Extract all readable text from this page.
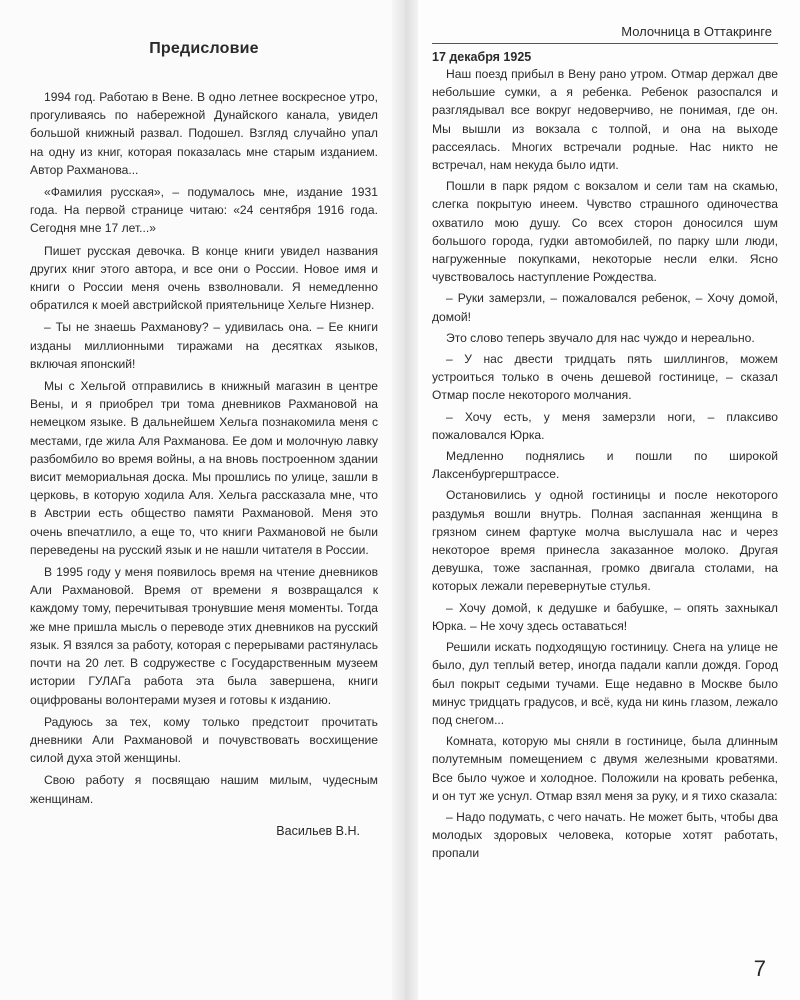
Предисловие

1994 год. Работаю в Вене. В одно летнее воскресное утро, прогуливаясь по набережной Дунайского канала, увидел большой книжный развал. Подошел. Взгляд случайно упал на одну из книг, которая показалась мне старым изданием. Автор Рахманова...

«Фамилия русская», – подумалось мне, издание 1931 года. На первой странице читаю: «24 сентября 1916 года. Сегодня мне 17 лет...»

Пишет русская девочка. В конце книги увидел названия других книг этого автора, и все они о России. Новое имя и книги о России меня очень взволновали. Я немедленно обратился к моей австрийской приятельнице Хельге Низнер.

– Ты не знаешь Рахманову? – удивилась она. – Ее книги изданы миллионными тиражами на десятках языков, включая японский!

Мы с Хельгой отправились в книжный магазин в центре Вены, и я приобрел три тома дневников Рахмановой на немецком языке. В дальнейшем Хельга познакомила меня с местами, где жила Аля Рахманова. Ее дом и молочную лавку разбомбило во время войны, а на вновь построенном здании висит мемориальная доска. Мы прошлись по улице, зашли в церковь, в которую ходила Аля. Хельга рассказала мне, что в Австрии есть общество памяти Рахмановой. Меня это очень впечатлило, а еще то, что книги Рахмановой не были переведены на русский язык и не нашли читателя в России.

В 1995 году у меня появилось время на чтение дневников Али Рахмановой. Время от времени я возвращался к каждому тому, перечитывая тронувшие меня моменты. Тогда же мне пришла мысль о переводе этих дневников на русский язык. Я взялся за работу, которая с перерывами растянулась почти на 20 лет. В содружестве с Государственным музеем истории ГУЛАГа работа эта была завершена, книги оцифрованы волонтерами музея и готовы к изданию.

Радуюсь за тех, кому только предстоит прочитать дневники Али Рахмановой и почувствовать восхищение силой духа этой женщины.

Свою работу я посвящаю нашим милым, чудесным женщинам.

Васильев В.Н.
Молочница в Оттакринге
17 декабря 1925

Наш поезд прибыл в Вену рано утром. Отмар держал две небольшие сумки, а я ребенка. Ребенок разоспался и разглядывал все вокруг недоверчиво, не понимая, где он. Мы вышли из вокзала с толпой, и она на выходе рассеялась. Многих встречали родные. Нас никто не встречал, нам некуда было идти.

Пошли в парк рядом с вокзалом и сели там на скамью, слегка покрытую инеем. Чувство страшного одиночества охватило мою душу. Со всех сторон доносился шум большого города, гудки автомобилей, по парку шли люди, нагруженные покупками, некоторые несли елки. Ясно чувствовалось наступление Рождества.

– Руки замерзли, – пожаловался ребенок, – Хочу домой, домой!

Это слово теперь звучало для нас чуждо и нереально.

– У нас двести тридцать пять шиллингов, можем устроиться только в очень дешевой гостинице, – сказал Отмар после некоторого молчания.

– Хочу есть, у меня замерзли ноги, – плаксиво пожаловался Юрка.

Медленно поднялись и пошли по широкой Лаксенбургерштрассе.

Остановились у одной гостиницы и после некоторого раздумья вошли внутрь. Полная заспанная женщина в грязном синем фартуке молча выслушала нас и через некоторое время принесла заказанное молоко. Другая девушка, тоже заспанная, громко двигала столами, на которых лежали перевернутые стулья.

– Хочу домой, к дедушке и бабушке, – опять захныкал Юрка. – Не хочу здесь оставаться!

Решили искать подходящую гостиницу. Снега на улице не было, дул теплый ветер, иногда падали капли дождя. Город был покрыт седыми тучами. Еще недавно в Москве было минус тридцать градусов, и всё, куда ни кинь глазом, лежало под снегом...

Комната, которую мы сняли в гостинице, была длинным полутемным помещением с двумя железными кроватями. Все было чужое и холодное. Положили на кровать ребенка, и он тут же уснул. Отмар взял меня за руку, и я тихо сказала:

– Надо подумать, с чего начать. Не может быть, чтобы два молодых здоровых человека, которые хотят работать, пропали

7
